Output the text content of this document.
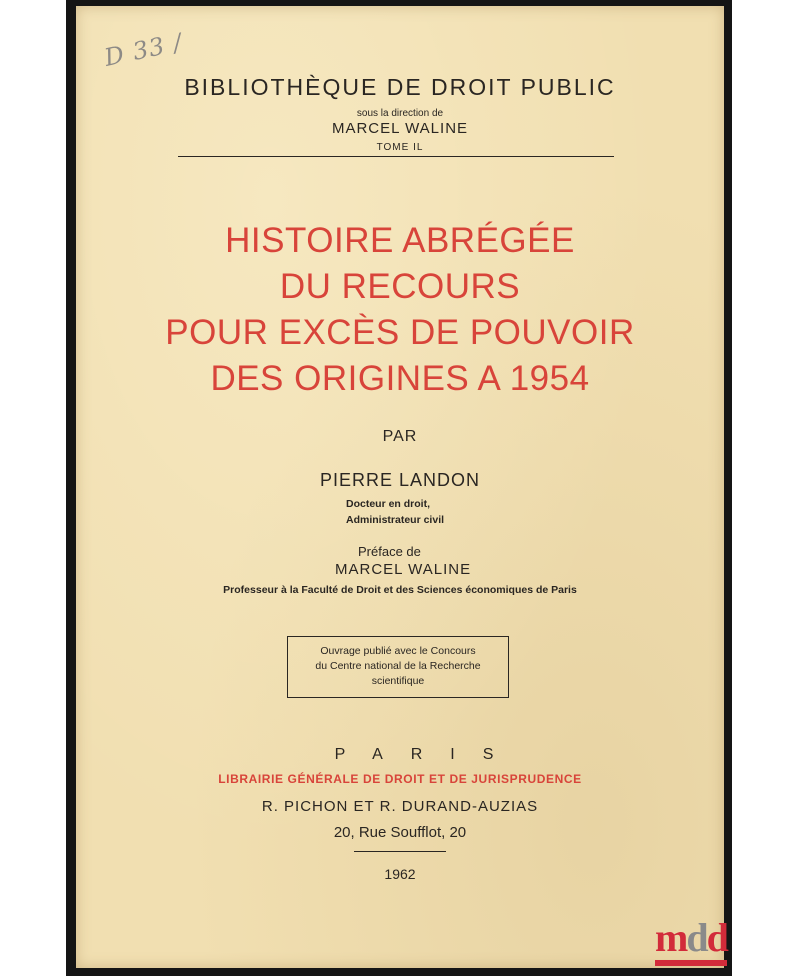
D 33 /
BIBLIOTHÈQUE DE DROIT PUBLIC
sous la direction de
MARCEL WALINE
TOME IL
HISTOIRE ABRÉGÉE
DU RECOURS
POUR EXCÈS DE POUVOIR
DES ORIGINES A 1954
PAR
PIERRE LANDON
Docteur en droit,
Administrateur civil
Préface de
MARCEL WALINE
Professeur à la Faculté de Droit et des Sciences économiques de Paris
Ouvrage publié avec le Concours
du Centre national de la Recherche
scientifique
PARIS
LIBRAIRIE GÉNÉRALE DE DROIT ET DE JURISPRUDENCE
R. PICHON ET R. DURAND-AUZIAS
20, Rue Soufflot, 20
1962
mdd
